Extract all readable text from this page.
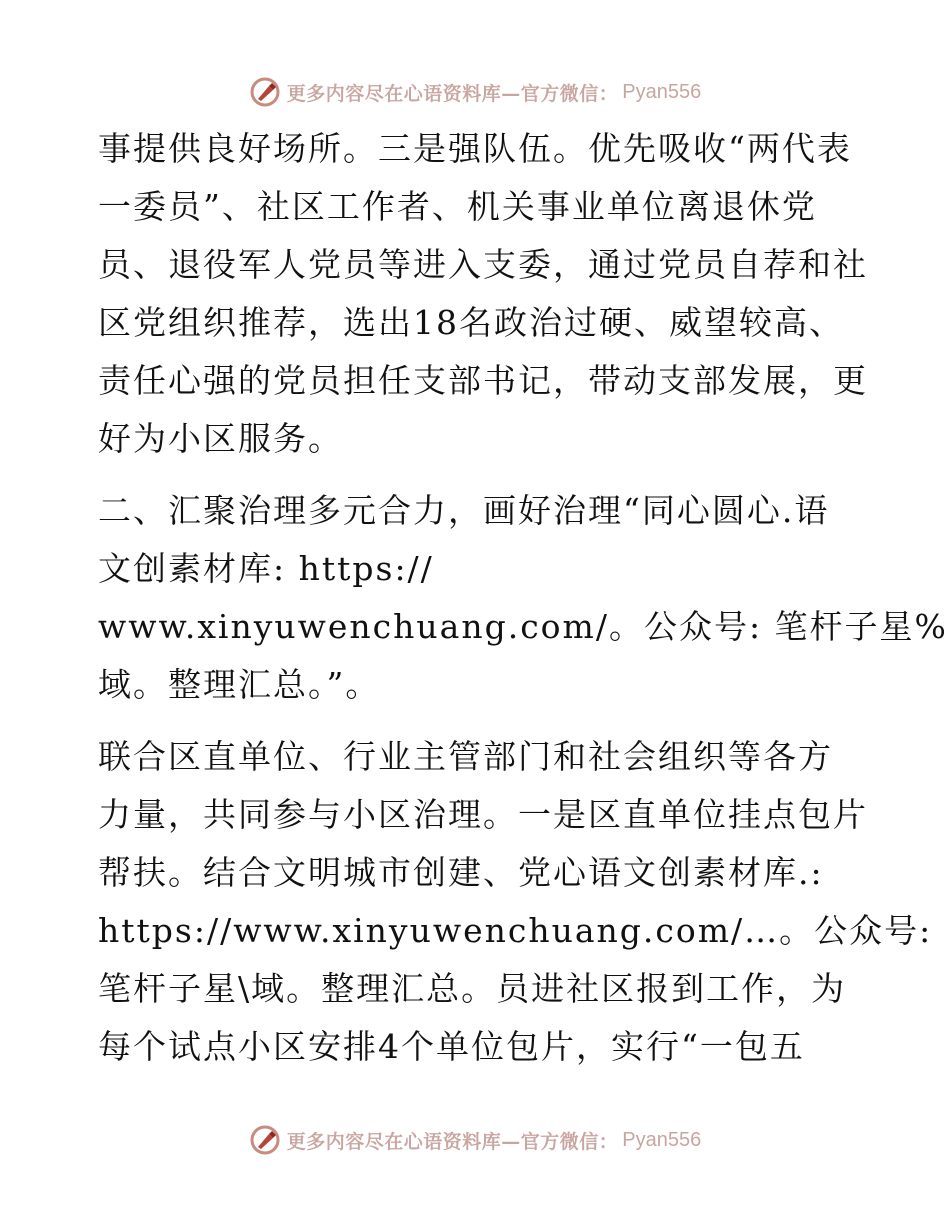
更多内容尽在心语资料库—官方微信： Pyan556
事提供良好场所。三是强队伍。优先吸收“两代表
一委员”、社区工作者、机关事业单位离退休党
员、退役军人党员等进入支委，通过党员自荐和社
区党组织推荐，选出18名政治过硬、威望较高、
责任心强的党员担任支部书记，带动支部发展，更
好为小区服务。
二、汇聚治理多元合力，画好治理“同心圆心.语
文创素材库: https://
www.xinyuwenchuang.com/。公众号: 笔杆子星%
域。整理汇总。”。
联合区直单位、行业主管部门和社会组织等各方
力量，共同参与小区治理。一是区直单位挂点包片
帮扶。结合文明城市创建、党心语文创素材库.:
https://www.xinyuwenchuang.com/…。公众号:
笔杆子星\域。整理汇总。员进社区报到工作，为
每个试点小区安排4个单位包片，实行“一包五
更多内容尽在心语资料库—官方微信： Pyan556
